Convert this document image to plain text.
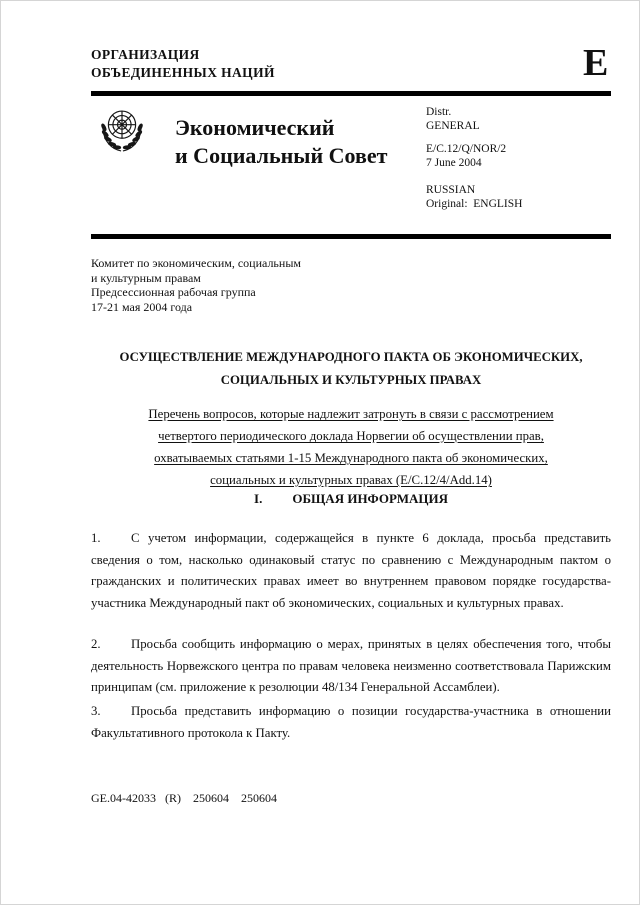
ОРГАНИЗАЦИЯ
ОБЪЕДИНЕННЫХ НАЦИЙ	E
Экономический
и Социальный Совет
Distr.
GENERAL
E/C.12/Q/NOR/2
7 June 2004
RUSSIAN
Original:  ENGLISH
Комитет по экономическим, социальным
и культурным правам
Предсессионная рабочая группа
17-21 мая 2004 года
ОСУЩЕСТВЛЕНИЕ МЕЖДУНАРОДНОГО ПАКТА ОБ ЭКОНОМИЧЕСКИХ,
СОЦИАЛЬНЫХ И КУЛЬТУРНЫХ ПРАВАХ
Перечень вопросов, которые надлежит затронуть в связи с рассмотрением
четвертого периодического доклада Норвегии об осуществлении прав,
охватываемых статьями 1-15 Международного пакта об экономических,
социальных и культурных правах (E/C.12/4/Add.14)
I. ОБЩАЯ ИНФОРМАЦИЯ

1. С учетом информации, содержащейся в пункте 6 доклада, просьба представить сведения о том, насколько одинаковый статус по сравнению с Международным пактом о гражданских и политических правах имеет во внутреннем правовом порядке государства-участника Международный пакт об экономических, социальных и культурных правах.

2. Просьба сообщить информацию о мерах, принятых в целях обеспечения того, чтобы деятельность Норвежского центра по правам человека неизменно соответствовала Парижским принципам (см. приложение к резолюции 48/134 Генеральной Ассамблеи).

3. Просьба представить информацию о позиции государства-участника в отношении Факультативного протокола к Пакту.

GE.04-42033   (R)    250604    250604
